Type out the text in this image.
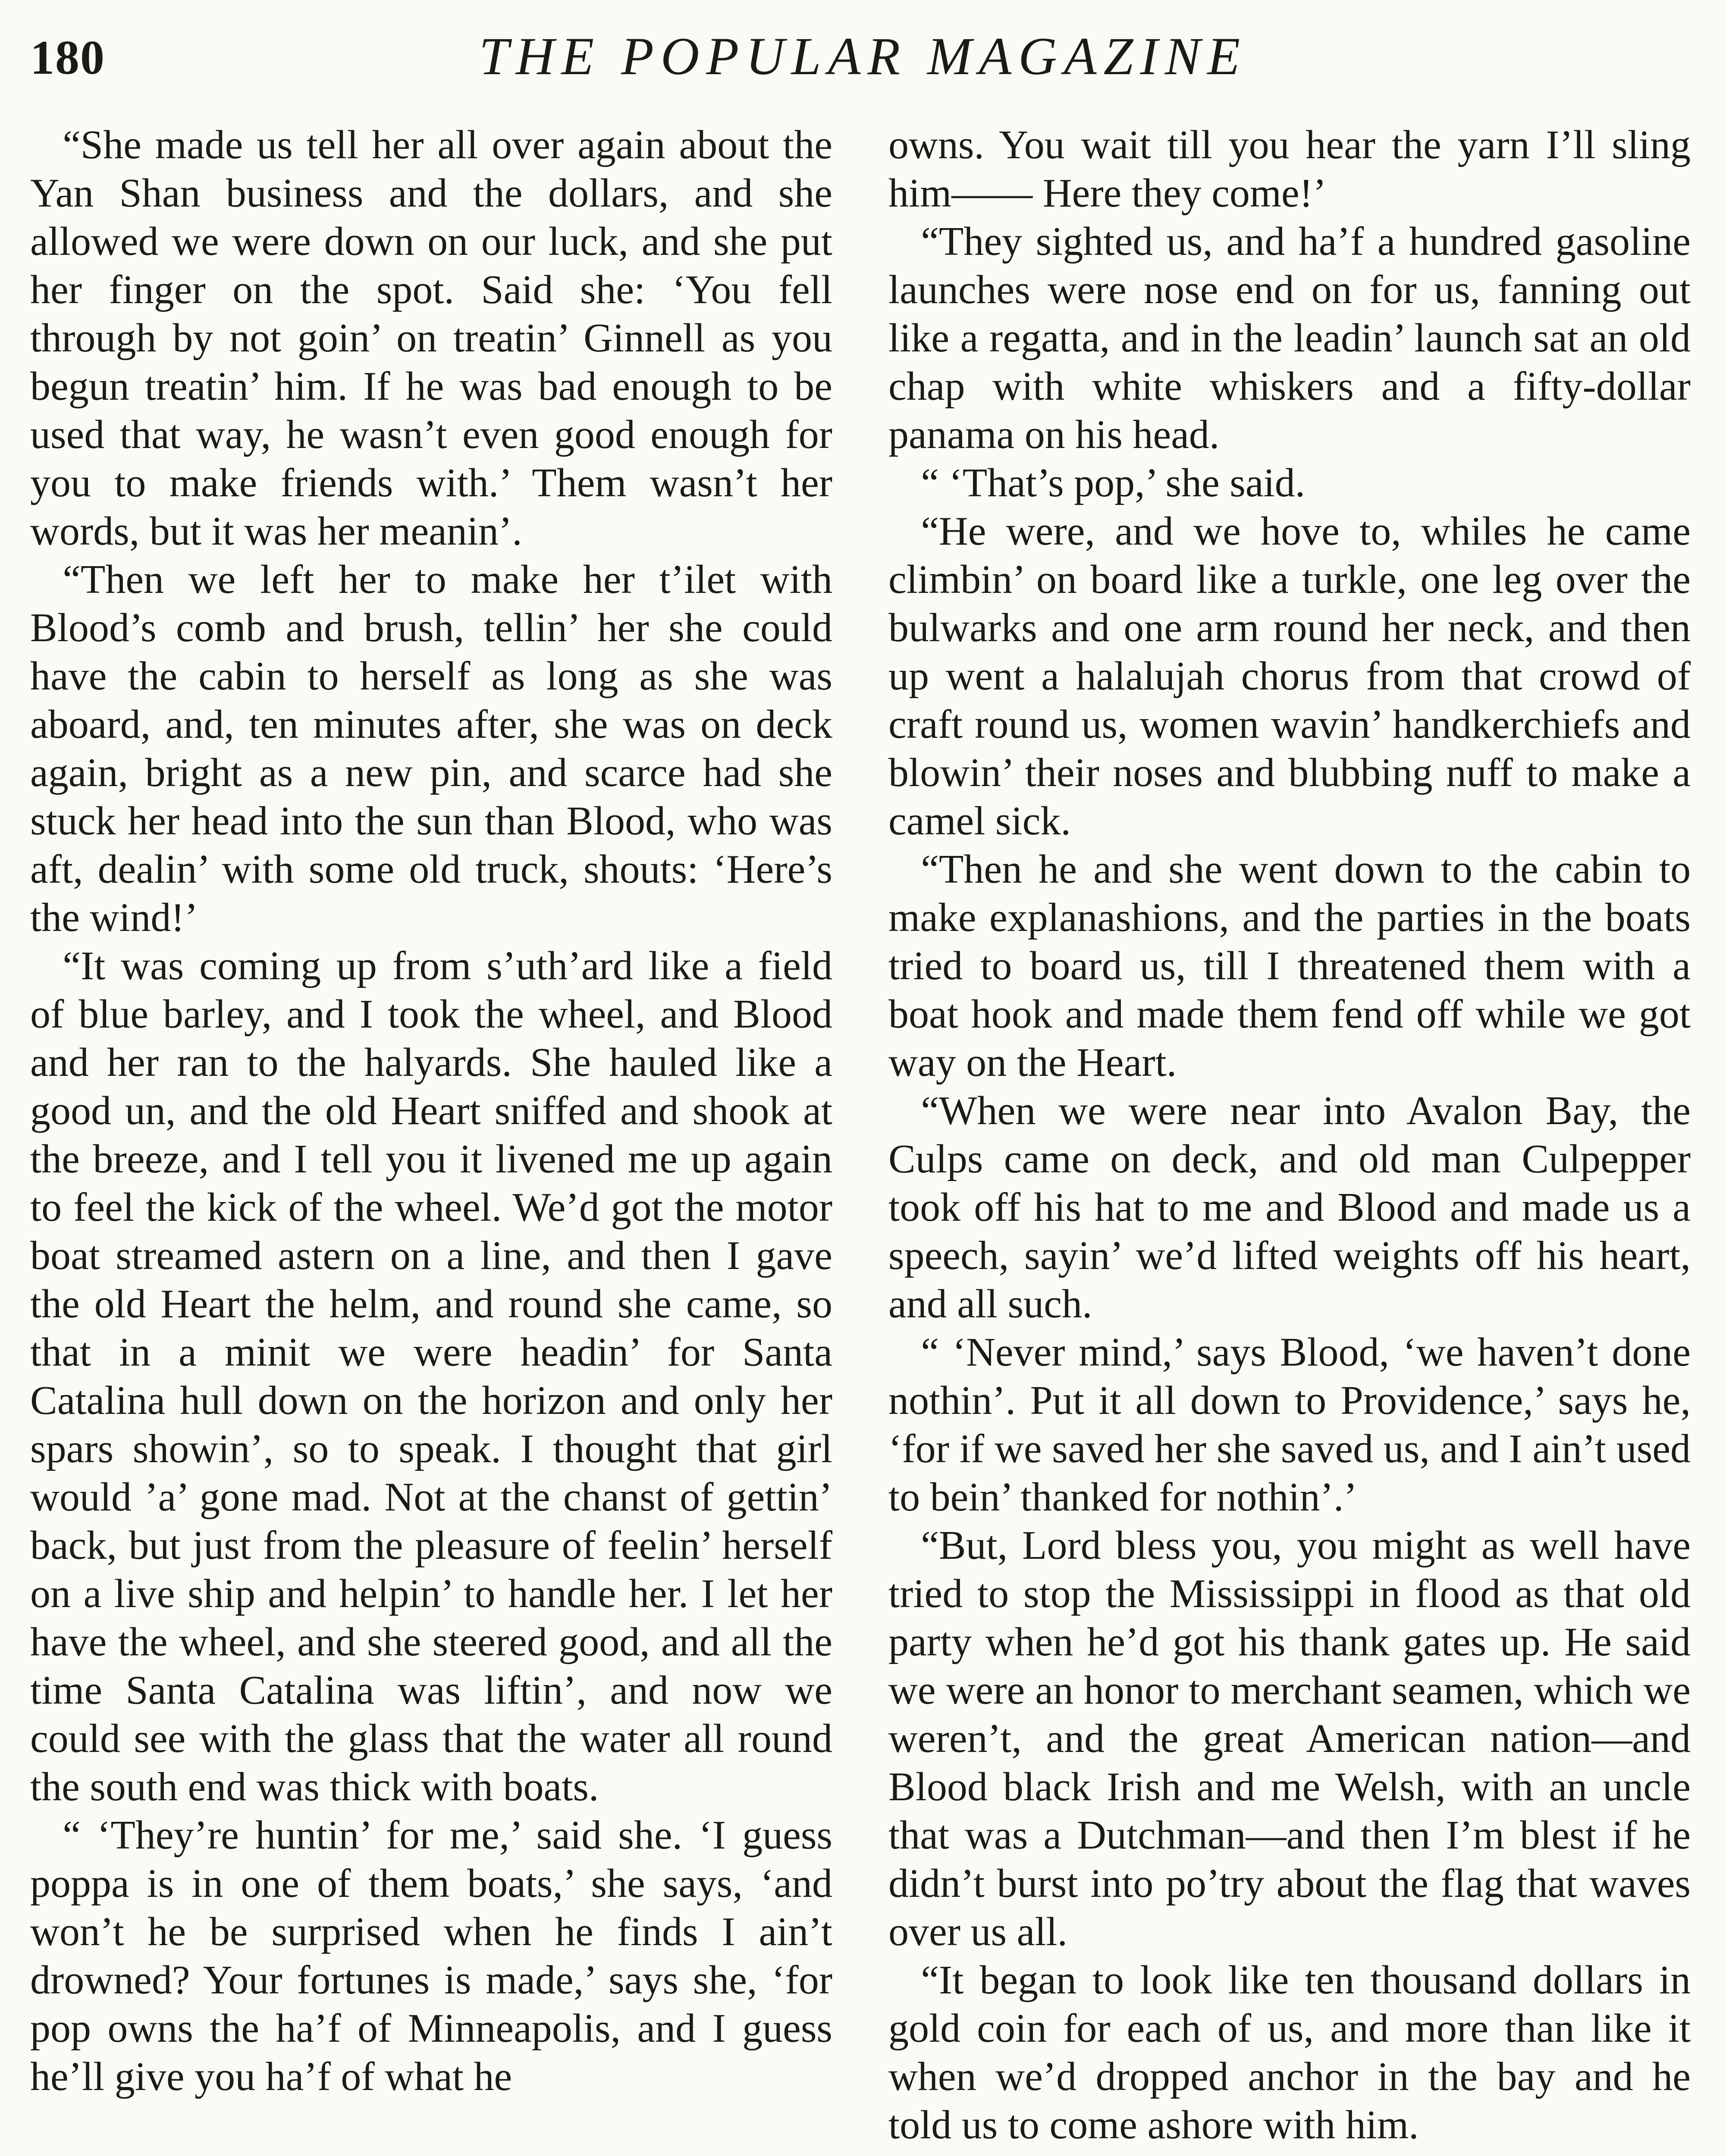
180	THE POPULAR MAGAZINE

“She made us tell her all over again about the Yan Shan business and the dollars, and she allowed we were down on our luck, and she put her finger on the spot. Said she: ‘You fell through by not goin’ on treatin’ Ginnell as you begun treatin’ him. If he was bad enough to be used that way, he wasn’t even good enough for you to make friends with.’ Them wasn’t her words, but it was her meanin’.

“Then we left her to make her t’ilet with Blood’s comb and brush, tellin’ her she could have the cabin to herself as long as she was aboard, and, ten minutes after, she was on deck again, bright as a new pin, and scarce had she stuck her head into the sun than Blood, who was aft, dealin’ with some old truck, shouts: ‘Here’s the wind!’

“It was coming up from s’uth’ard like a field of blue barley, and I took the wheel, and Blood and her ran to the halyards. She hauled like a good un, and the old Heart sniffed and shook at the breeze, and I tell you it livened me up again to feel the kick of the wheel. We’d got the motor boat streamed astern on a line, and then I gave the old Heart the helm, and round she came, so that in a minit we were headin’ for Santa Catalina hull down on the horizon and only her spars showin’, so to speak. I thought that girl would ’a’ gone mad. Not at the chanst of gettin’ back, but just from the pleasure of feelin’ herself on a live ship and helpin’ to handle her. I let her have the wheel, and she steered good, and all the time Santa Catalina was liftin’, and now we could see with the glass that the water all round the south end was thick with boats.

“ ‘They’re huntin’ for me,’ said she. ‘I guess poppa is in one of them boats,’ she says, ‘and won’t he be surprised when he finds I ain’t drowned? Your fortunes is made,’ says she, ‘for pop owns the ha’f of Minneapolis, and I guess he’ll give you ha’f of what he

owns. You wait till you hear the yarn I’ll sling him—— Here they come!’

“They sighted us, and ha’f a hundred gasoline launches were nose end on for us, fanning out like a regatta, and in the leadin’ launch sat an old chap with white whiskers and a fifty-dollar panama on his head.

“ ‘That’s pop,’ she said.

“He were, and we hove to, whiles he came climbin’ on board like a turkle, one leg over the bulwarks and one arm round her neck, and then up went a halalujah chorus from that crowd of craft round us, women wavin’ handkerchiefs and blowin’ their noses and blubbing nuff to make a camel sick.

“Then he and she went down to the cabin to make explanashions, and the parties in the boats tried to board us, till I threatened them with a boat hook and made them fend off while we got way on the Heart.

“When we were near into Avalon Bay, the Culps came on deck, and old man Culpepper took off his hat to me and Blood and made us a speech, sayin’ we’d lifted weights off his heart, and all such.

“ ‘Never mind,’ says Blood, ‘we haven’t done nothin’. Put it all down to Providence,’ says he, ‘for if we saved her she saved us, and I ain’t used to bein’ thanked for nothin’.’

“But, Lord bless you, you might as well have tried to stop the Mississippi in flood as that old party when he’d got his thank gates up. He said we were an honor to merchant seamen, which we weren’t, and the great American nation—and Blood black Irish and me Welsh, with an uncle that was a Dutchman—and then I’m blest if he didn’t burst into po’try about the flag that waves over us all.

“It began to look like ten thousand dollars in gold coin for each of us, and more than like it when we’d dropped anchor in the bay and he told us to come ashore with him.
